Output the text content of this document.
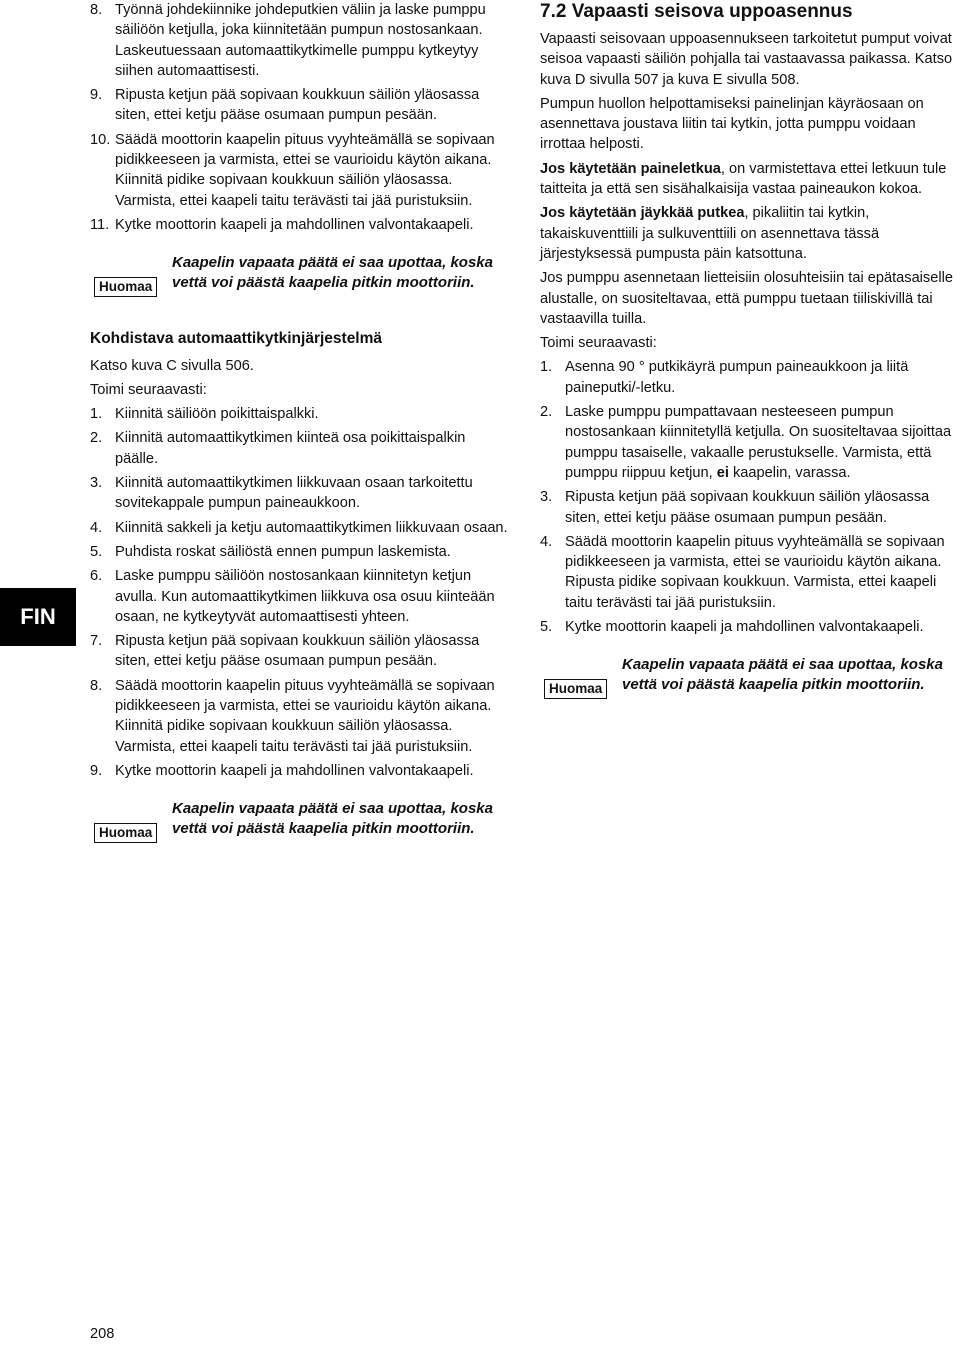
FIN
8. Työnnä johdekiinnike johdeputkien väliin ja laske pumppu säiliöön ketjulla, joka kiinnitetään pumpun nostosankaan. Laskeutuessaan automaattikytkimelle pumppu kytkeytyy siihen automaattisesti.
9. Ripusta ketjun pää sopivaan koukkuun säiliön yläosassa siten, ettei ketju pääse osumaan pumpun pesään.
10. Säädä moottorin kaapelin pituus vyyhteämällä se sopivaan pidikkeeseen ja varmista, ettei se vaurioidu käytön aikana. Kiinnitä pidike sopivaan koukkuun säiliön yläosassa. Varmista, ettei kaapeli taitu terävästi tai jää puristuksiin.
11. Kytke moottorin kaapeli ja mahdollinen valvontakaapeli.
Huomaa
Kaapelin vapaata päätä ei saa upottaa, koska vettä voi päästä kaapelia pitkin moottoriin.
Kohdistava automaattikytkinjärjestelmä

Katso kuva C sivulla 506.

Toimi seuraavasti:

1. Kiinnitä säiliöön poikittaispalkki.
2. Kiinnitä automaattikytkimen kiinteä osa poikittaispalkin päälle.
3. Kiinnitä automaattikytkimen liikkuvaan osaan tarkoitettu sovitekappale pumpun paineaukkoon.
4. Kiinnitä sakkeli ja ketju automaattikytkimen liikkuvaan osaan.
5. Puhdista roskat säiliöstä ennen pumpun laskemista.
6. Laske pumppu säiliöön nostosankaan kiinnitetyn ketjun avulla. Kun automaattikytkimen liikkuva osa osuu kiinteään osaan, ne kytkeytyvät automaattisesti yhteen.
7. Ripusta ketjun pää sopivaan koukkuun säiliön yläosassa siten, ettei ketju pääse osumaan pumpun pesään.
8. Säädä moottorin kaapelin pituus vyyhteämällä se sopivaan pidikkeeseen ja varmista, ettei se vaurioidu käytön aikana. Kiinnitä pidike sopivaan koukkuun säiliön yläosassa. Varmista, ettei kaapeli taitu terävästi tai jää puristuksiin.
9. Kytke moottorin kaapeli ja mahdollinen valvontakaapeli.
Huomaa
Kaapelin vapaata päätä ei saa upottaa, koska vettä voi päästä kaapelia pitkin moottoriin.
7.2 Vapaasti seisova uppoasennus

Vapaasti seisovaan uppoasennukseen tarkoitetut pumput voivat seisoa vapaasti säiliön pohjalla tai vastaavassa paikassa. Katso kuva D sivulla 507 ja kuva E sivulla 508.

Pumpun huollon helpottamiseksi painelinjan käyräosaan on asennettava joustava liitin tai kytkin, jotta pumppu voidaan irrottaa helposti.

Jos käytetään paineletkua, on varmistettava ettei letkuun tule taitteita ja että sen sisähalkaisija vastaa paineaukon kokoa.

Jos käytetään jäykkää putkea, pikaliitin tai kytkin, takaiskuventtiili ja sulkuventtiili on asennettava tässä järjestyksessä pumpusta päin katsottuna.

Jos pumppu asennetaan lietteisiin olosuhteisiin tai epätasaiselle alustalle, on suositeltavaa, että pumppu tuetaan tiiliskivillä tai vastaavilla tuilla.

Toimi seuraavasti:

1. Asenna 90 ° putkikäyrä pumpun paineaukkoon ja liitä paineputki/-letku.
2. Laske pumppu pumpattavaan nesteeseen pumpun nostosankaan kiinnitetyllä ketjulla. On suositeltavaa sijoittaa pumppu tasaiselle, vakaalle perustukselle. Varmista, että pumppu riippuu ketjun, ei kaapelin, varassa.
3. Ripusta ketjun pää sopivaan koukkuun säiliön yläosassa siten, ettei ketju pääse osumaan pumpun pesään.
4. Säädä moottorin kaapelin pituus vyyhteämällä se sopivaan pidikkeeseen ja varmista, ettei se vaurioidu käytön aikana. Ripusta pidike sopivaan koukkuun. Varmista, ettei kaapeli taitu terävästi tai jää puristuksiin.
5. Kytke moottorin kaapeli ja mahdollinen valvontakaapeli.
Huomaa
Kaapelin vapaata päätä ei saa upottaa, koska vettä voi päästä kaapelia pitkin moottoriin.
208
